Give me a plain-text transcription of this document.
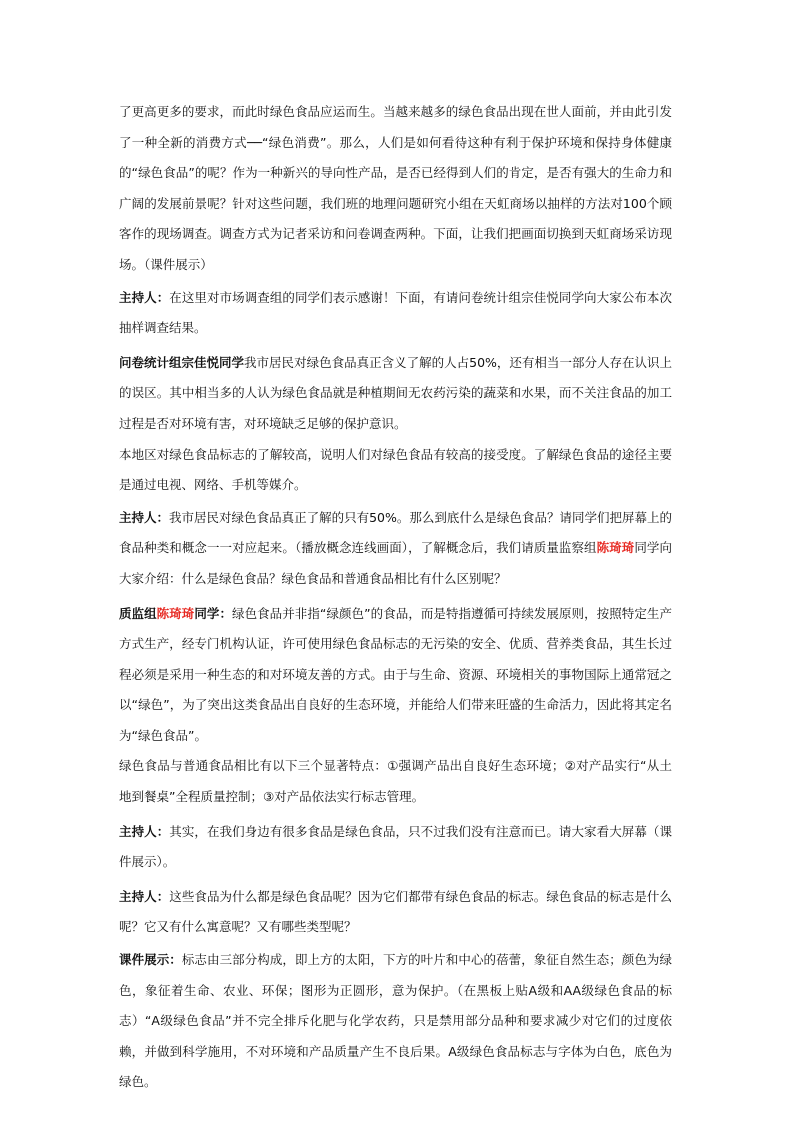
了更高更多的要求，而此时绿色食品应运而生。当越来越多的绿色食品出现在世人面前，并由此引发了一种全新的消费方式──“绿色消费”。那么，人们是如何看待这种有利于保护环境和保持身体健康的“绿色食品”的呢？作为一种新兴的导向性产品，是否已经得到人们的肯定，是否有强大的生命力和广阔的发展前景呢？针对这些问题，我们班的地理问题研究小组在天虹商场以抽样的方法对100个顾客作的现场调查。调查方式为记者采访和问卷调查两种。下面，让我们把画面切换到天虹商场采访现场。（课件展示）

主持人：在这里对市场调查组的同学们表示感谢！下面，有请问卷统计组宗佳悦同学向大家公布本次抽样调查结果。

问卷统计组宗佳悦同学我市居民对绿色食品真正含义了解的人占50%，还有相当一部分人存在认识上的误区。其中相当多的人认为绿色食品就是种植期间无农药污染的蔬菜和水果，而不关注食品的加工过程是否对环境有害，对环境缺乏足够的保护意识。

本地区对绿色食品标志的了解较高，说明人们对绿色食品有较高的接受度。了解绿色食品的途径主要是通过电视、网络、手机等媒介。

主持人：我市居民对绿色食品真正了解的只有50%。那么到底什么是绿色食品？请同学们把屏幕上的食品种类和概念一一对应起来。（播放概念连线画面），了解概念后，我们请质量监察组陈琦琦同学向大家介绍：什么是绿色食品？绿色食品和普通食品相比有什么区别呢？

质监组陈琦琦同学：绿色食品并非指“绿颜色”的食品，而是特指遵循可持续发展原则，按照特定生产方式生产，经专门机构认证，许可使用绿色食品标志的无污染的安全、优质、营养类食品，其生长过程必须是采用一种生态的和对环境友善的方式。由于与生命、资源、环境相关的事物国际上通常冠之以“绿色”，为了突出这类食品出自良好的生态环境，并能给人们带来旺盛的生命活力，因此将其定名为“绿色食品”。

绿色食品与普通食品相比有以下三个显著特点：①强调产品出自良好生态环境；②对产品实行“从土地到餐桌”全程质量控制；③对产品依法实行标志管理。

主持人：其实，在我们身边有很多食品是绿色食品，只不过我们没有注意而已。请大家看大屏幕（课件展示）。

主持人：这些食品为什么都是绿色食品呢？因为它们都带有绿色食品的标志。绿色食品的标志是什么呢？它又有什么寓意呢？又有哪些类型呢？

课件展示：标志由三部分构成，即上方的太阳，下方的叶片和中心的蓓蕾，象征自然生态；颜色为绿色，象征着生命、农业、环保；图形为正圆形，意为保护。（在黑板上贴A级和AA级绿色食品的标志）“A级绿色食品”并不完全排斥化肥与化学农药，只是禁用部分品种和要求减少对它们的过度依赖，并做到科学施用，不对环境和产品质量产生不良后果。A级绿色食品标志与字体为白色，底色为绿色。
